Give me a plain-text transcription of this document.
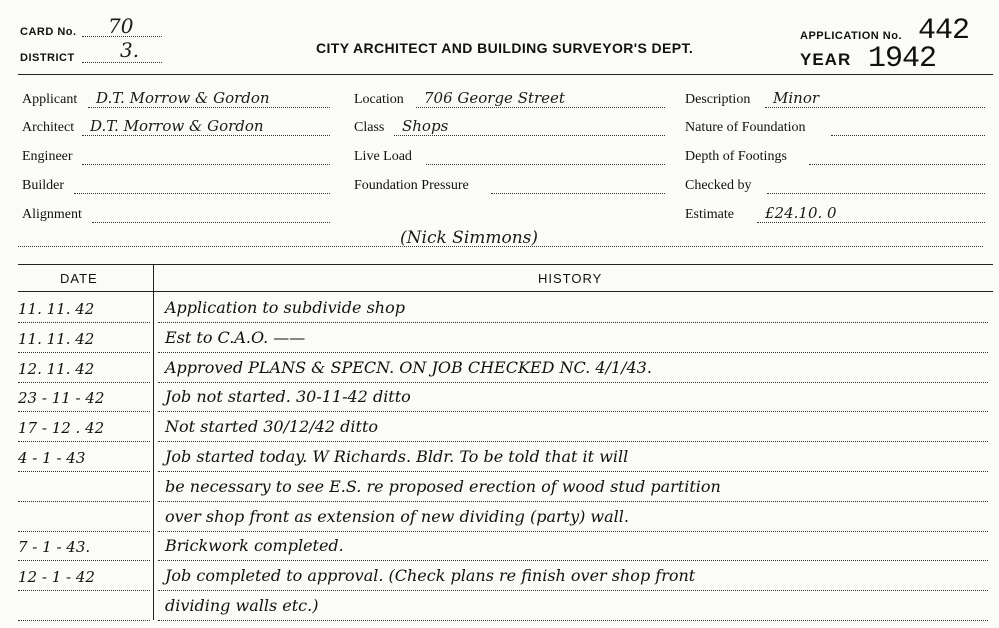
CARD No. 70
DISTRICT 3.	CITY ARCHITECT AND BUILDING SURVEYOR'S DEPT.
APPLICATION No. 442
YEAR 1942
Applicant D.T. Morrow & Gordon
Architect D.T. Morrow & Gordon
Engineer
Builder
Alignment
Location 706 George Street
Class Shops
Live Load
Foundation Pressure
Description Minor
Nature of Foundation
Depth of Footings
Checked by
Estimate £24.10. 0
(Nick Simmons)
DATE	HISTORY
11. 11. 42	Application to subdivide shop
11. 11. 42	Est to C.A.O. ——
12. 11. 42	Approved PLANS & SPECN. ON JOB CHECKED NC. 4/1/43.
23 - 11 - 42	Job not started. 30-11-42 ditto
17 - 12 . 42	Not started 30/12/42 ditto
4 - 1 - 43	Job started today. W Richards. Bldr. To be told that it will
be necessary to see E.S. re proposed erection of wood stud partition
over shop front as extension of new dividing (party) wall.
7 - 1 - 43.	Brickwork completed.
12 - 1 - 42	Job completed to approval. (Check plans re finish over shop front
dividing walls etc.)
